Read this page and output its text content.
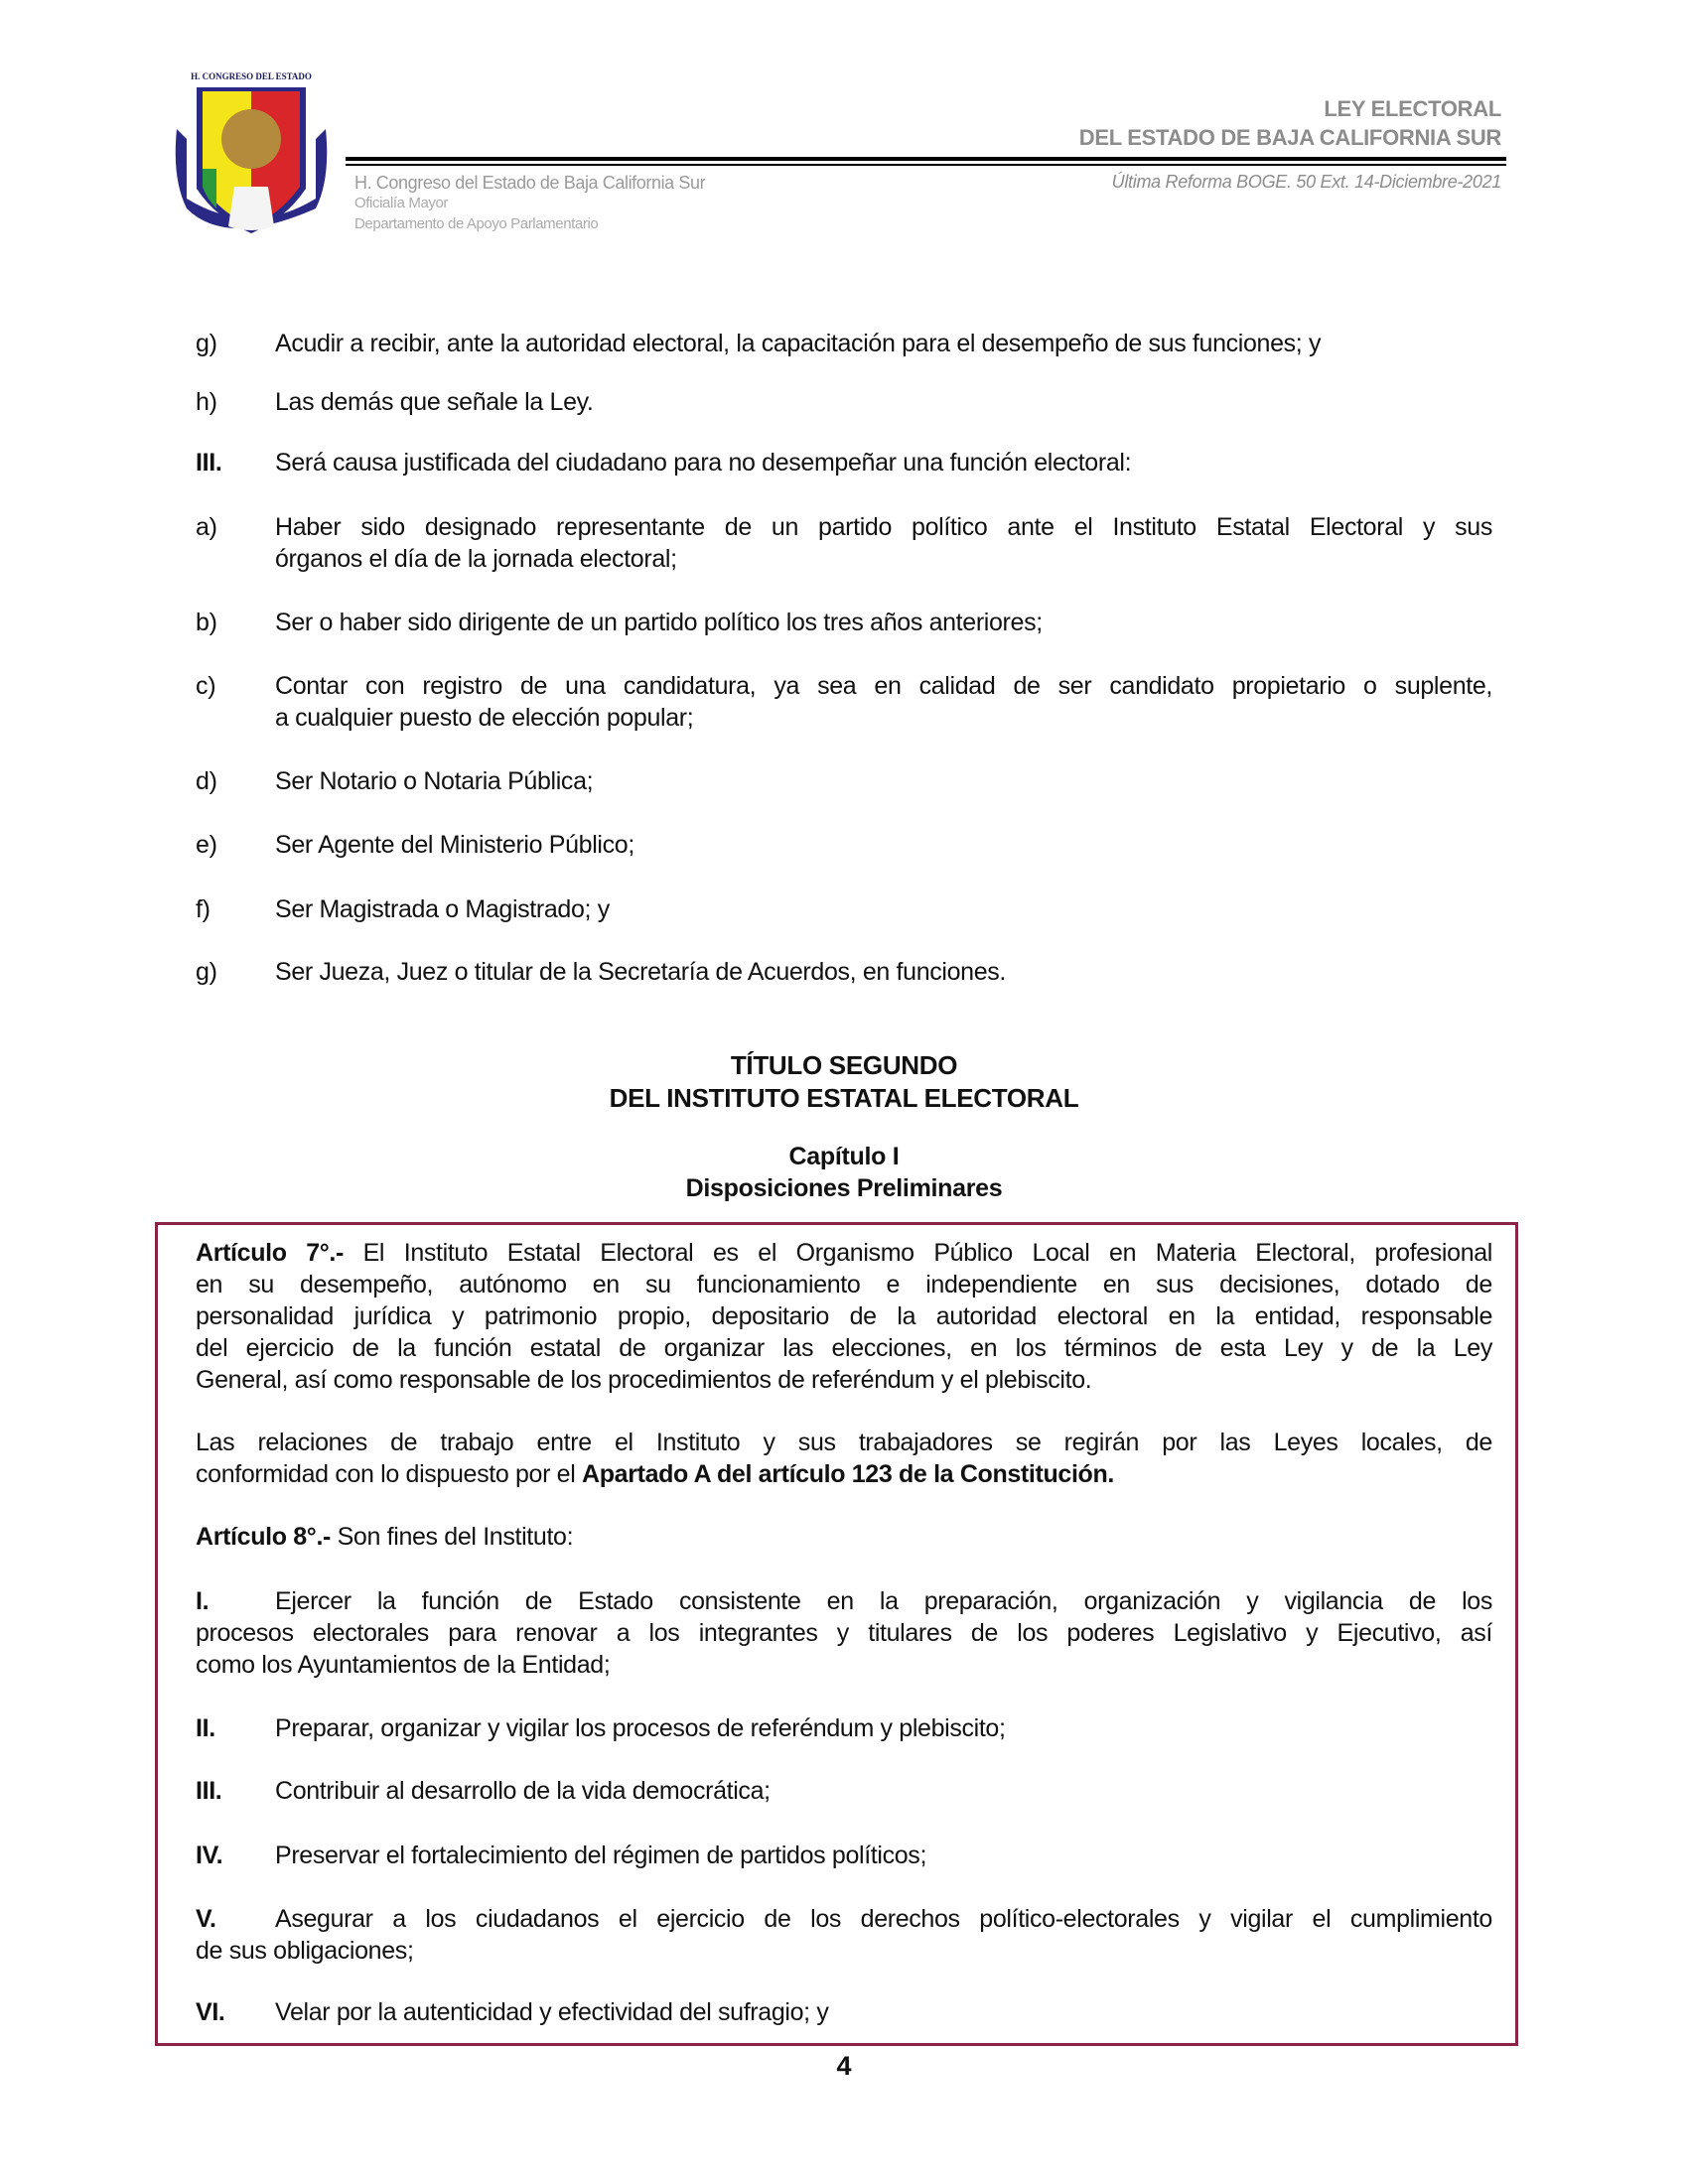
H. CONGRESO DEL ESTADO
LEY ELECTORAL
DEL ESTADO DE BAJA CALIFORNIA SUR
H. Congreso del Estado de Baja California Sur
Oficialía Mayor
Departamento de Apoyo Parlamentario
Última Reforma BOGE. 50 Ext. 14-Diciembre-2021
g) Acudir a recibir, ante la autoridad electoral, la capacitación para el desempeño de sus funciones; y
h) Las demás que señale la Ley.
III. Será causa justificada del ciudadano para no desempeñar una función electoral:
a) Haber sido designado representante de un partido político ante el Instituto Estatal Electoral y sus
órganos el día de la jornada electoral;
b) Ser o haber sido dirigente de un partido político los tres años anteriores;
c) Contar con registro de una candidatura, ya sea en calidad de ser candidato propietario o suplente,
a cualquier puesto de elección popular;
d) Ser Notario o Notaria Pública;
e) Ser Agente del Ministerio Público;
f)	Ser Magistrada o Magistrado; y
g) Ser Jueza, Juez o titular de la Secretaría de Acuerdos, en funciones.
TÍTULO SEGUNDO
DEL INSTITUTO ESTATAL ELECTORAL
Capítulo I
Disposiciones Preliminares
Artículo 7°.- El Instituto Estatal Electoral es el Organismo Público Local en Materia Electoral, profesional
en su desempeño, autónomo en su funcionamiento e independiente en sus decisiones, dotado de
personalidad jurídica y patrimonio propio, depositario de la autoridad electoral en la entidad, responsable
del ejercicio de la función estatal de organizar las elecciones, en los términos de esta Ley y de la Ley
General, así como responsable de los procedimientos de referéndum y el plebiscito.
Las relaciones de trabajo entre el Instituto y sus trabajadores se regirán por las Leyes locales, de
conformidad con lo dispuesto por el Apartado A del artículo 123 de la Constitución.
Artículo 8°.- Son fines del Instituto:
I.	Ejercer la función de Estado consistente en la preparación, organización y vigilancia de los
procesos electorales para renovar a los integrantes y titulares de los poderes Legislativo y Ejecutivo, así
como los Ayuntamientos de la Entidad;
II. Preparar, organizar y vigilar los procesos de referéndum y plebiscito;
III. Contribuir al desarrollo de la vida democrática;
IV. Preservar el fortalecimiento del régimen de partidos políticos;
V. Asegurar a los ciudadanos el ejercicio de los derechos político-electorales y vigilar el cumplimiento
de sus obligaciones;
VI. Velar por la autenticidad y efectividad del sufragio; y
4
